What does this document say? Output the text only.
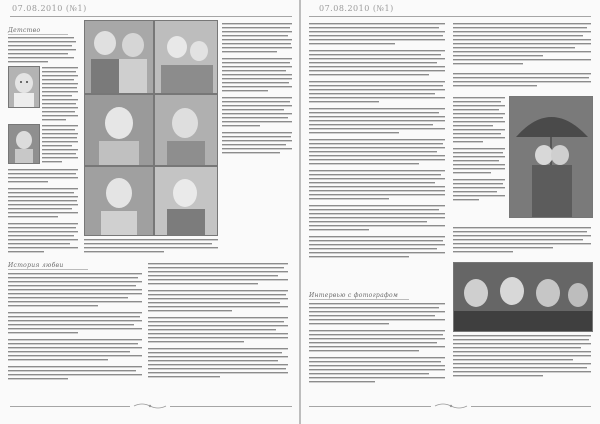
07.08.2010 (№1)
Детство
История любви
07.08.2010 (№1)
Интервью с фотографом
